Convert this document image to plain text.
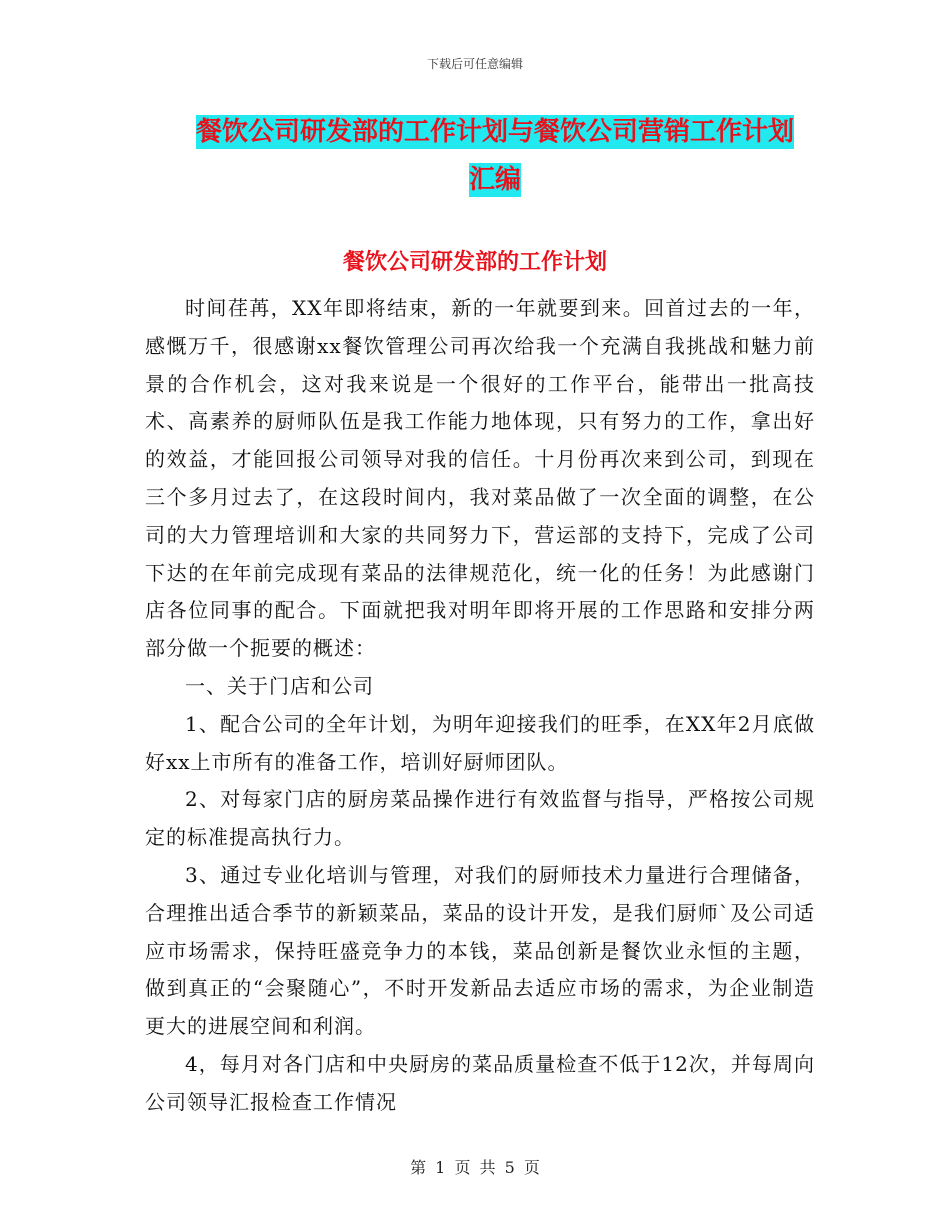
下载后可任意编辑
餐饮公司研发部的工作计划与餐饮公司营销工作计划
汇编
餐饮公司研发部的工作计划

时间荏苒，XX年即将结束，新的一年就要到来。回首过去的一年，感慨万千，很感谢xx餐饮管理公司再次给我一个充满自我挑战和魅力前景的合作机会，这对我来说是一个很好的工作平台，能带出一批高技术、高素养的厨师队伍是我工作能力地体现，只有努力的工作，拿出好的效益，才能回报公司领导对我的信任。十月份再次来到公司，到现在三个多月过去了，在这段时间内，我对菜品做了一次全面的调整，在公司的大力管理培训和大家的共同努力下，营运部的支持下，完成了公司下达的在年前完成现有菜品的法律规范化，统一化的任务！为此感谢门店各位同事的配合。下面就把我对明年即将开展的工作思路和安排分两部分做一个扼要的概述：

一、关于门店和公司

1、配合公司的全年计划，为明年迎接我们的旺季，在XX年2月底做好xx上市所有的准备工作，培训好厨师团队。

2、对每家门店的厨房菜品操作进行有效监督与指导，严格按公司规定的标准提高执行力。

3、通过专业化培训与管理，对我们的厨师技术力量进行合理储备，合理推出适合季节的新颖菜品，菜品的设计开发，是我们厨师`及公司适应市场需求，保持旺盛竞争力的本钱，菜品创新是餐饮业永恒的主题，做到真正的“会聚随心”，不时开发新品去适应市场的需求，为企业制造更大的进展空间和利润。

4，每月对各门店和中央厨房的菜品质量检查不低于12次，并每周向公司领导汇报检查工作情况

第 1 页 共 5 页
